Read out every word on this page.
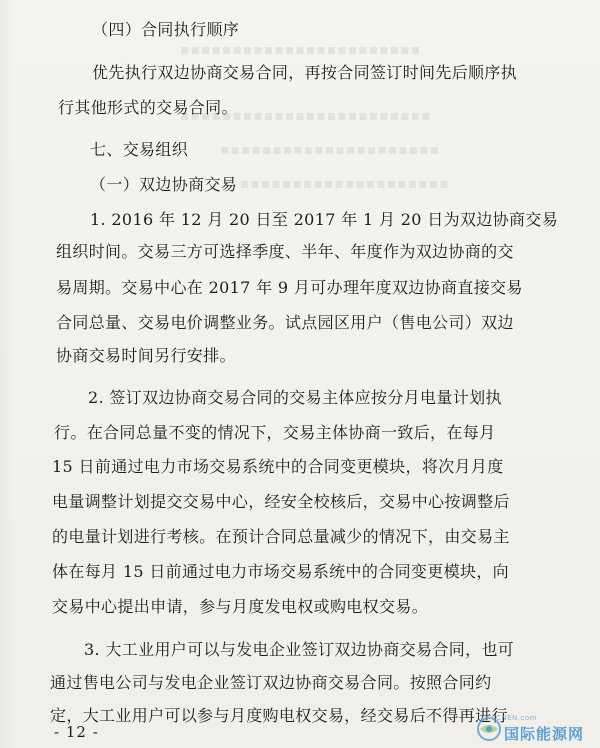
▪▪▪▪▪▪▪▪▪▪▪▪▪▪▪▪▪▪▪▪▪▪▪
▪▪▪▪▪▪▪▪▪▪▪▪▪▪▪▪▪▪▪▪▪▪▪▪
▪▪▪▪▪▪▪▪▪▪▪▪▪▪▪▪▪▪▪▪▪
▪▪▪▪▪▪▪▪▪▪▪▪▪▪▪▪▪▪▪▪
（四）合同执行顺序
优先执行双边协商交易合同，再按合同签订时间先后顺序执
行其他形式的交易合同。
七、交易组织
（一）双边协商交易
1. 2016 年 12 月 20 日至 2017 年 1 月 20 日为双边协商交易
组织时间。交易三方可选择季度、半年、年度作为双边协商的交
易周期。交易中心在 2017 年 9 月可办理年度双边协商直接交易
合同总量、交易电价调整业务。试点园区用户（售电公司）双边
协商交易时间另行安排。
2. 签订双边协商交易合同的交易主体应按分月电量计划执
行。在合同总量不变的情况下，交易主体协商一致后，在每月
15 日前通过电力市场交易系统中的合同变更模块，将次月月度
电量调整计划提交交易中心，经安全校核后，交易中心按调整后
的电量计划进行考核。在预计合同总量减少的情况下，由交易主
体在每月 15 日前通过电力市场交易系统中的合同变更模块，向
交易中心提出申请，参与月度发电权或购电权交易。
3. 大工业用户可以与发电企业签订双边协商交易合同，也可
通过售电公司与发电企业签订双边协商交易合同。按照合同约
定，大工业用户可以参与月度购电权交易，经交易后不得再进行
- 12 -
CNEN.com
国际能源网
